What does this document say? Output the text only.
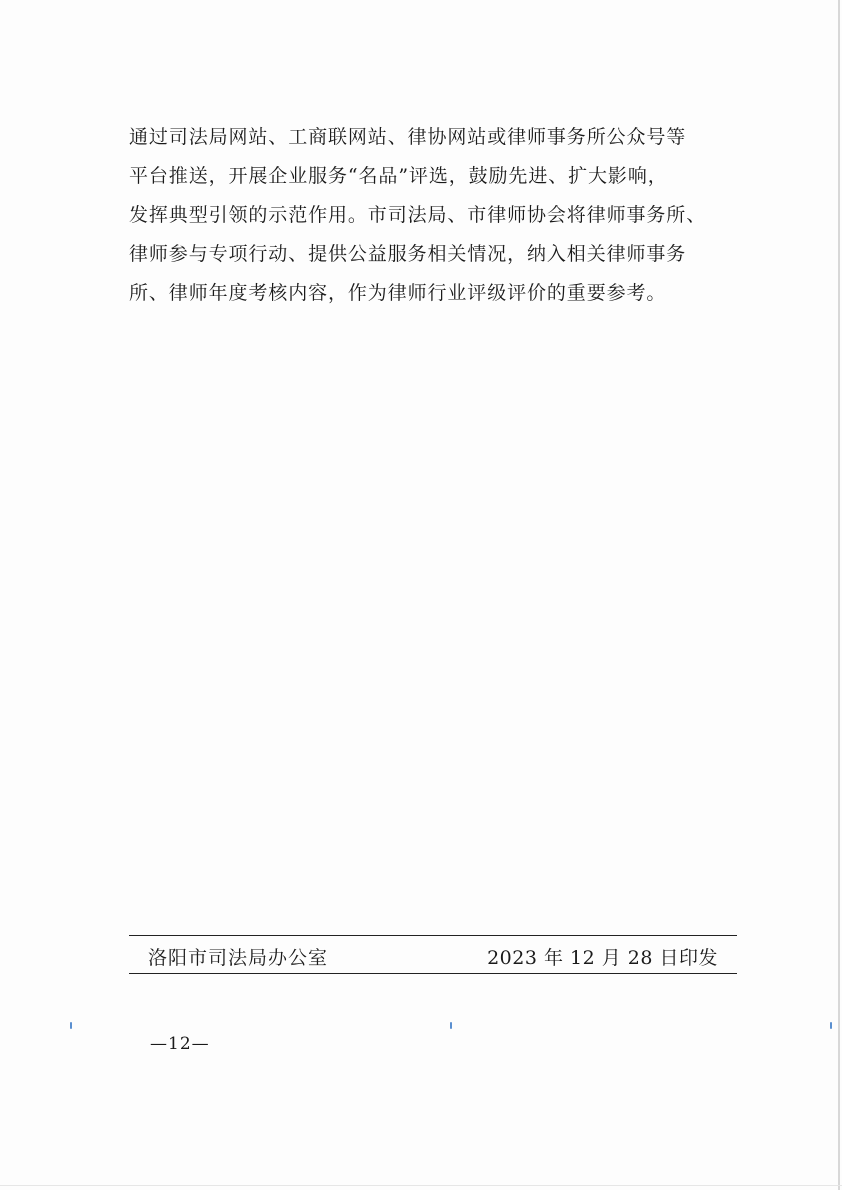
通过司法局网站、工商联网站、律协网站或律师事务所公众号等
平台推送，开展企业服务“名品”评选，鼓励先进、扩大影响，
发挥典型引领的示范作用。市司法局、市律师协会将律师事务所、
律师参与专项行动、提供公益服务相关情况，纳入相关律师事务
所、律师年度考核内容，作为律师行业评级评价的重要参考。
洛阳市司法局办公室	2023 年 12 月 28 日印发
—12—
